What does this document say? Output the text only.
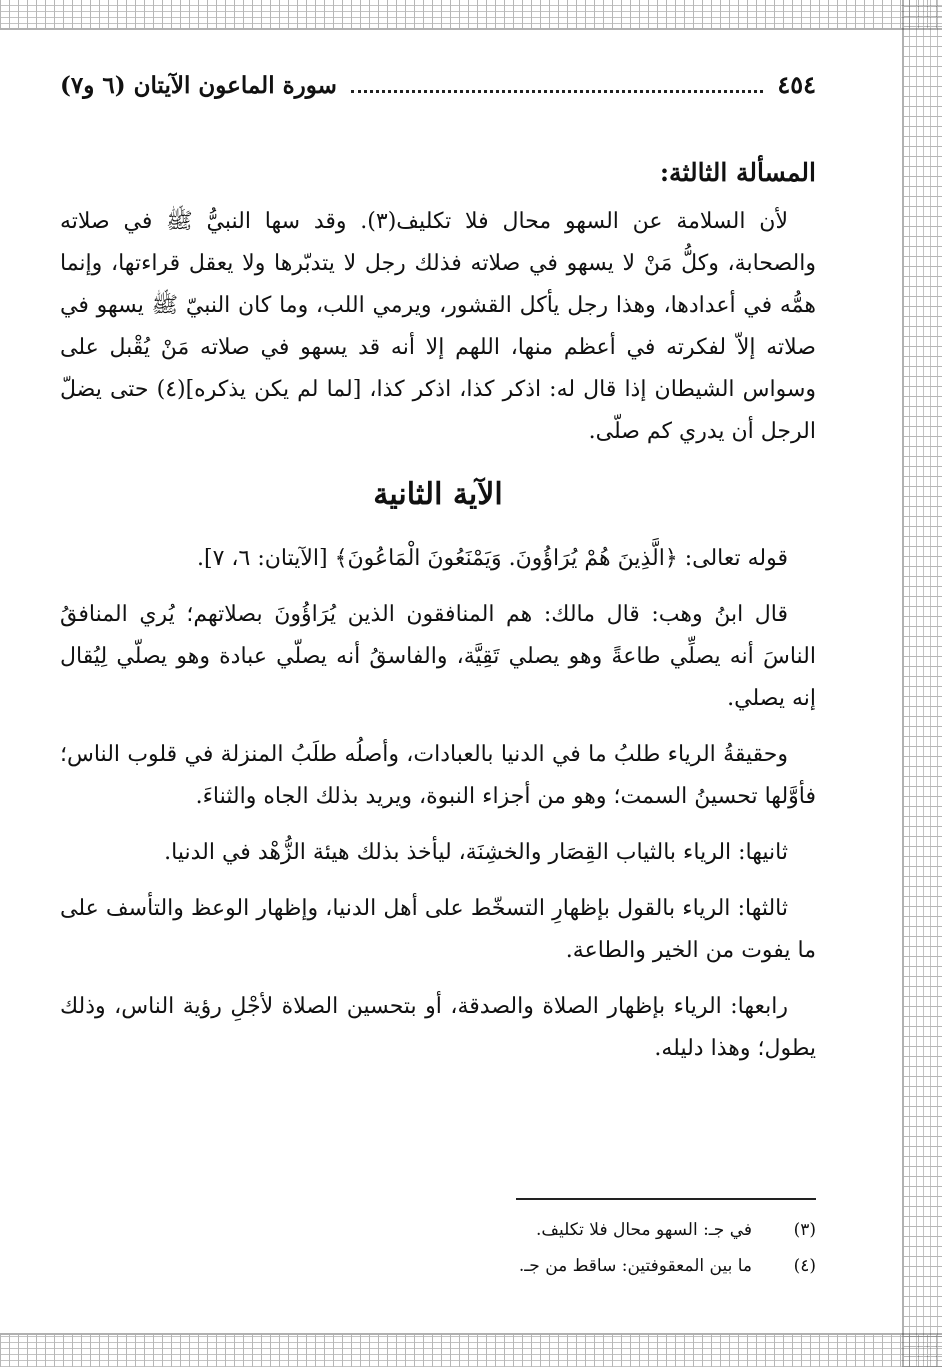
٤٥٤
سورة الماعون الآيتان (٦ و٧)
المسألة الثالثة:

لأن السلامة عن السهو محال فلا تكليف(٣). وقد سها النبيُّ ﷺ في صلاته والصحابة، وكلُّ مَنْ لا يسهو في صلاته فذلك رجل لا يتدبّرها ولا يعقل قراءتها، وإنما همُّه في أعدادها، وهذا رجل يأكل القشور، ويرمي اللب، وما كان النبيّ ﷺ يسهو في صلاته إلاّ لفكرته في أعظم منها، اللهم إلا أنه قد يسهو في صلاته مَنْ يُقْبل على وسواس الشيطان إذا قال له: اذكر كذا، اذكر كذا، [لما لم يكن يذكره](٤) حتى يضلّ الرجل أن يدري كم صلّى.

الآية الثانية

قوله تعالى: ﴿الَّذِينَ هُمْ يُرَاؤُونَ. وَيَمْنَعُونَ الْمَاعُونَ﴾ [الآيتان: ٦، ٧].

قال ابنُ وهب: قال مالك: هم المنافقون الذين يُرَاؤُونَ بصلاتهم؛ يُري المنافقُ الناسَ أنه يصلِّي طاعةً وهو يصلي تَقِيَّة، والفاسقُ أنه يصلّي عبادة وهو يصلّي لِيُقال إنه يصلي.

وحقيقةُ الرياء طلبُ ما في الدنيا بالعبادات، وأصلُه طلَبُ المنزلة في قلوب الناس؛ فأوَّلها تحسينُ السمت؛ وهو من أجزاء النبوة، ويريد بذلك الجاه والثناءَ.

ثانيها: الرياء بالثياب القِصَار والخشِنَة، ليأخذ بذلك هيئة الزُّهْد في الدنيا.

ثالثها: الرياء بالقول بإظهارِ التسخّط على أهل الدنيا، وإظهار الوعظ والتأسف على ما يفوت من الخير والطاعة.

رابعها: الرياء بإظهار الصلاة والصدقة، أو بتحسين الصلاة لأجْلِ رؤية الناس، وذلك يطول؛ وهذا دليله.

(٣)
في جـ: السهو محال فلا تكليف.
(٤)
ما بين المعقوفتين: ساقط من جـ.
